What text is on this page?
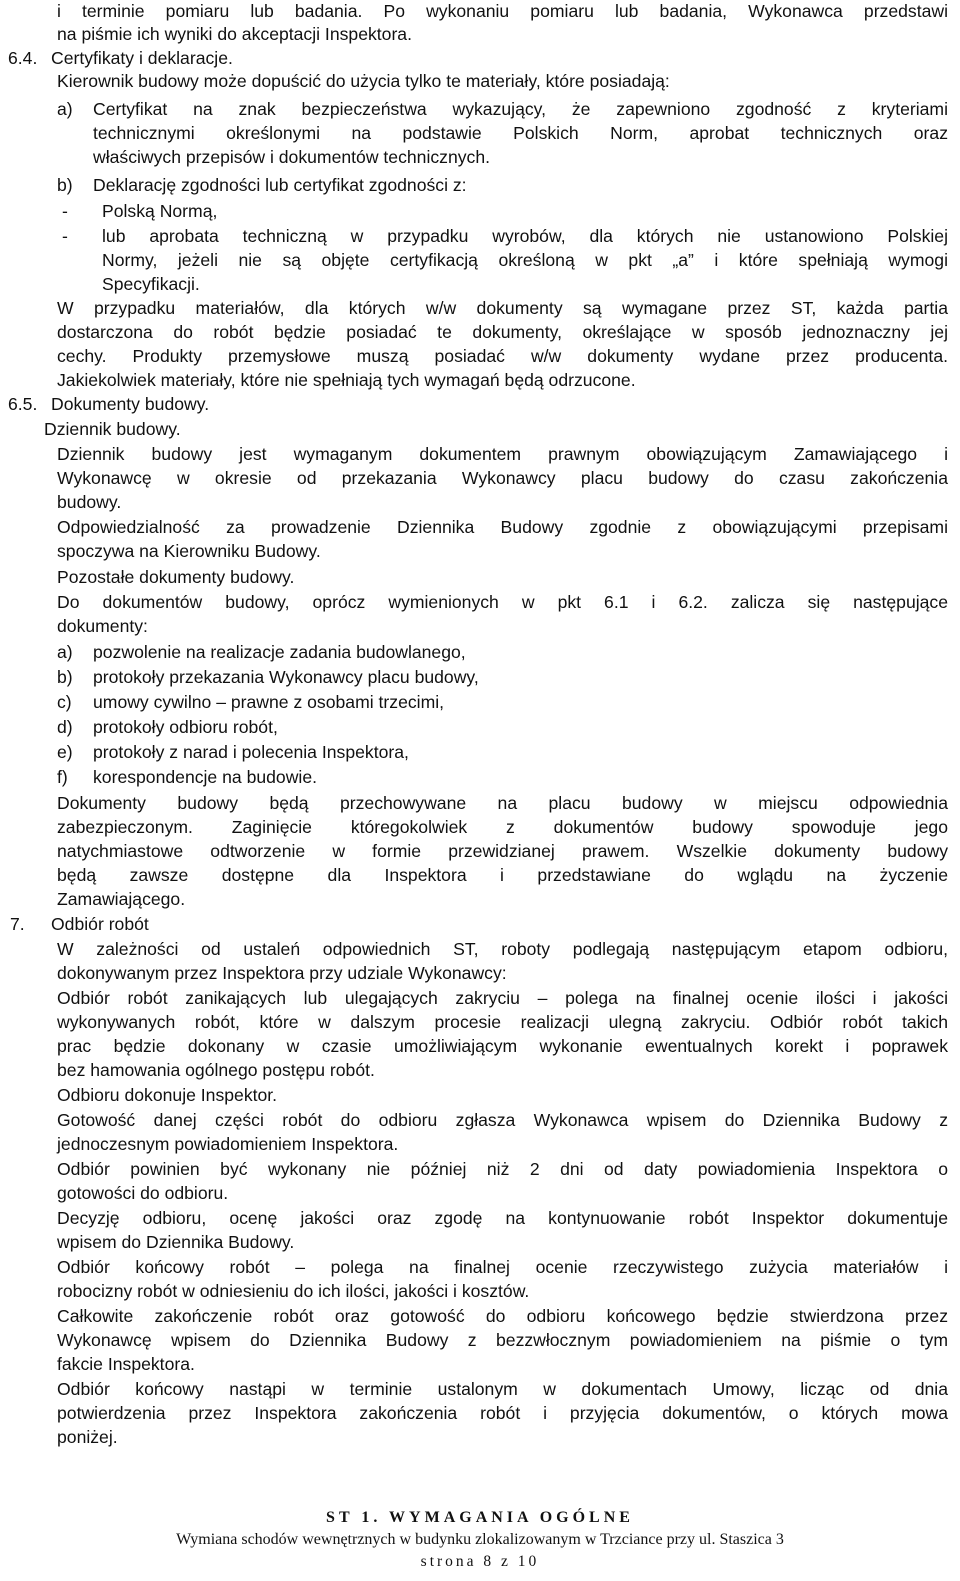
i terminie pomiaru lub badania. Po wykonaniu pomiaru lub badania, Wykonawca przedstawi
na piśmie ich wyniki do akceptacji Inspektora.
6.4. Certyfikaty i deklaracje.
Kierownik budowy może dopuścić do użycia tylko te materiały, które posiadają:
a) Certyfikat na znak bezpieczeństwa wykazujący, że zapewniono zgodność z kryteriami
technicznymi określonymi na podstawie Polskich Norm, aprobat technicznych oraz
właściwych przepisów i dokumentów technicznych.
b) Deklarację zgodności lub certyfikat zgodności z:
- Polską Normą,
- lub aprobata techniczną w przypadku wyrobów, dla których nie ustanowiono Polskiej
Normy, jeżeli nie są objęte certyfikacją określoną w pkt „a” i które spełniają wymogi
Specyfikacji.
W przypadku materiałów, dla których w/w dokumenty są wymagane przez ST, każda partia
dostarczona do robót będzie posiadać te dokumenty, określające w sposób jednoznaczny jej
cechy. Produkty przemysłowe muszą posiadać w/w dokumenty wydane przez producenta.
Jakiekolwiek materiały, które nie spełniają tych wymagań będą odrzucone.
6.5. Dokumenty budowy.
Dziennik budowy.
Dziennik budowy jest wymaganym dokumentem prawnym obowiązującym Zamawiającego i
Wykonawcę w okresie od przekazania Wykonawcy placu budowy do czasu zakończenia
budowy.
Odpowiedzialność za prowadzenie Dziennika Budowy zgodnie z obowiązującymi przepisami
spoczywa na Kierowniku Budowy.
Pozostałe dokumenty budowy.
Do dokumentów budowy, oprócz wymienionych w pkt 6.1 i 6.2. zalicza się następujące
dokumenty:
a) pozwolenie na realizacje zadania budowlanego,
b) protokoły przekazania Wykonawcy placu budowy,
c) umowy cywilno – prawne z osobami trzecimi,
d) protokoły odbioru robót,
e) protokoły z narad i polecenia Inspektora,
f) korespondencje na budowie.
Dokumenty budowy będą przechowywane na placu budowy w miejscu odpowiednia
zabezpieczonym. Zaginięcie któregokolwiek z dokumentów budowy spowoduje jego
natychmiastowe odtworzenie w formie przewidzianej prawem. Wszelkie dokumenty budowy
będą zawsze dostępne dla Inspektora i przedstawiane do wglądu na życzenie
Zamawiającego.
7. Odbiór robót
W zależności od ustaleń odpowiednich ST, roboty podlegają następującym etapom odbioru,
dokonywanym przez Inspektora przy udziale Wykonawcy:
Odbiór robót zanikających lub ulegających zakryciu – polega na finalnej ocenie ilości i jakości
wykonywanych robót, które w dalszym procesie realizacji ulegną zakryciu. Odbiór robót takich
prac będzie dokonany w czasie umożliwiającym wykonanie ewentualnych korekt i poprawek
bez hamowania ogólnego postępu robót.
Odbioru dokonuje Inspektor.
Gotowość danej części robót do odbioru zgłasza Wykonawca wpisem do Dziennika Budowy z
jednoczesnym powiadomieniem Inspektora.
Odbiór powinien być wykonany nie później niż 2 dni od daty powiadomienia Inspektora o
gotowości do odbioru.
Decyzję odbioru, ocenę jakości oraz zgodę na kontynuowanie robót Inspektor dokumentuje
wpisem do Dziennika Budowy.
Odbiór końcowy robót – polega na finalnej ocenie rzeczywistego zużycia materiałów i
robocizny robót w odniesieniu do ich ilości, jakości i kosztów.
Całkowite zakończenie robót oraz gotowość do odbioru końcowego będzie stwierdzona przez
Wykonawcę wpisem do Dziennika Budowy z bezzwłocznym powiadomieniem na piśmie o tym
fakcie Inspektora.
Odbiór końcowy nastąpi w terminie ustalonym w dokumentach Umowy, licząc od dnia
potwierdzenia przez Inspektora zakończenia robót i przyjęcia dokumentów, o których mowa
poniżej.
ST 1. WYMAGANIA OGÓLNE
Wymiana schodów wewnętrznych w budynku zlokalizowanym w Trzciance przy ul. Staszica 3
strona 8 z 10
